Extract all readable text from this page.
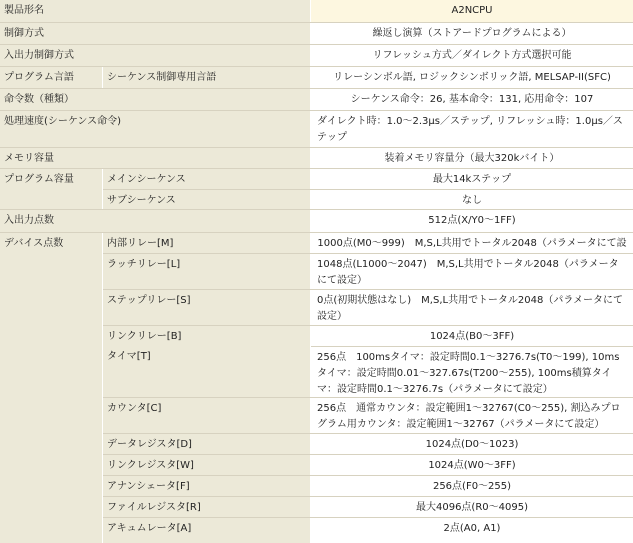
製品形名	A2NCPU
制御方式	繰返し演算（ストアードプログラムによる）
入出力制御方式	リフレッシュ方式／ダイレクト方式選択可能
プログラム言語	シーケンス制御専用言語	リレーシンボル語, ロジックシンボリック語, MELSAP-II(SFC)
命令数（種類）	シーケンス命令：26, 基本命令：131, 応用命令：107
処理速度(シーケンス命令)	ダイレクト時：1.0〜2.3μs／ステップ, リフレッシュ時：1.0μs／ステップ
メモリ容量	装着メモリ容量分（最大320kバイト）
プログラム容量	メインシーケンス	最大14kステップ
サブシーケンス	なし
入出力点数	512点(X/Y0〜1FF)
デバイス点数	内部リレー[M]	1000点(M0〜999)　M,S,L共用でトータル2048（パラメータにて設
ラッチリレー[L]	1048点(L1000〜2047)　M,S,L共用でトータル2048（パラメータにて設定）
ステップリレー[S]	0点(初期状態はなし)　M,S,L共用でトータル2048（パラメータにて設定）
リンクリレー[B]	1024点(B0〜3FF)
タイマ[T]	256点　100msタイマ：設定時間0.1〜3276.7s(T0〜199), 10msタイマ：設定時間0.01〜327.67s(T200〜255), 100ms積算タイマ：設定時間0.1〜3276.7s（パラメータにて設定）
カウンタ[C]	256点　通常カウンタ：設定範囲1〜32767(C0〜255), 割込みプログラム用カウンタ：設定範囲1〜32767（パラメータにて設定）
データレジスタ[D]	1024点(D0〜1023)
リンクレジスタ[W]	1024点(W0〜3FF)
アナンシェータ[F]	256点(F0〜255)
ファイルレジスタ[R]	最大4096点(R0〜4095)
アキュムレータ[A]	2点(A0, A1)
